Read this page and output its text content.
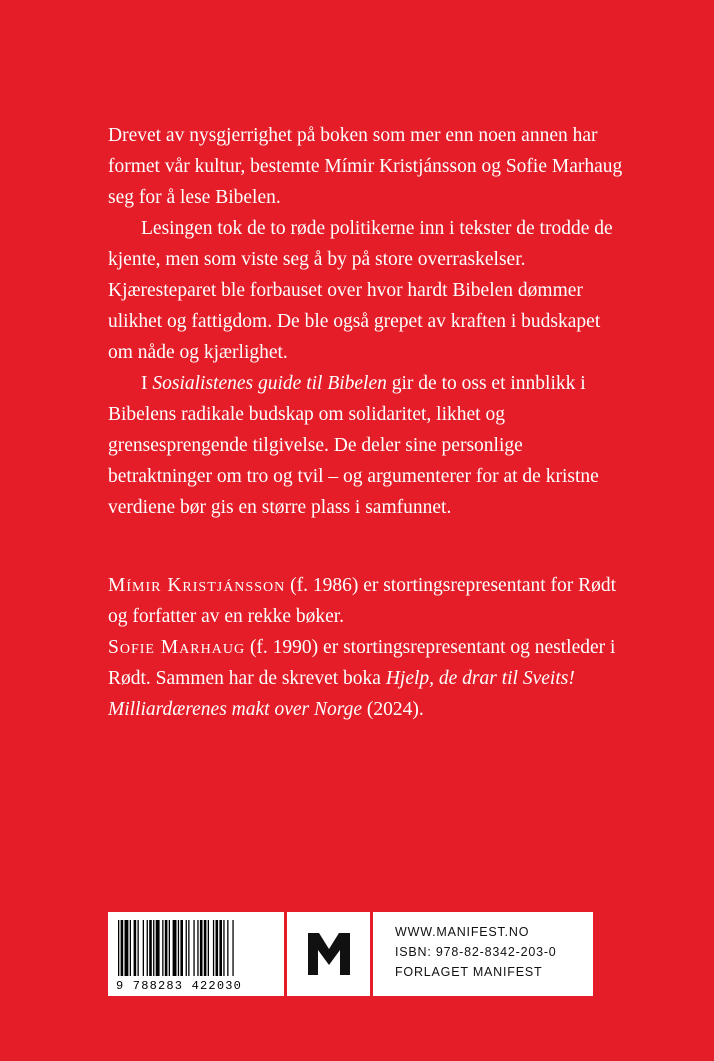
Drevet av nysgjerrighet på boken som mer enn noen annen har formet vår kultur, bestemte Mímir Kristjánsson og Sofie Marhaug seg for å lese Bibelen.

Lesingen tok de to røde politikerne inn i tekster de trodde de kjente, men som viste seg å by på store overraskelser. Kjæresteparet ble forbauset over hvor hardt Bibelen dømmer ulikhet og fattigdom. De ble også grepet av kraften i budskapet om nåde og kjærlighet.

I Sosialistenes guide til Bibelen gir de to oss et innblikk i Bibelens radikale budskap om solidaritet, likhet og grensesprengende tilgivelse. De deler sine personlige betraktninger om tro og tvil – og argumenterer for at de kristne verdiene bør gis en større plass i samfunnet.

Mímir Kristjánsson (f. 1986) er stortingsrepresentant for Rødt og forfatter av en rekke bøker.
Sofie Marhaug (f. 1990) er stortingsrepresentant og nestleder i Rødt. Sammen har de skrevet boka Hjelp, de drar til Sveits! Milliardærenes makt over Norge (2024).

9 788283 422030
WWW.MANIFEST.NO
ISBN: 978-82-8342-203-0
FORLAGET MANIFEST
